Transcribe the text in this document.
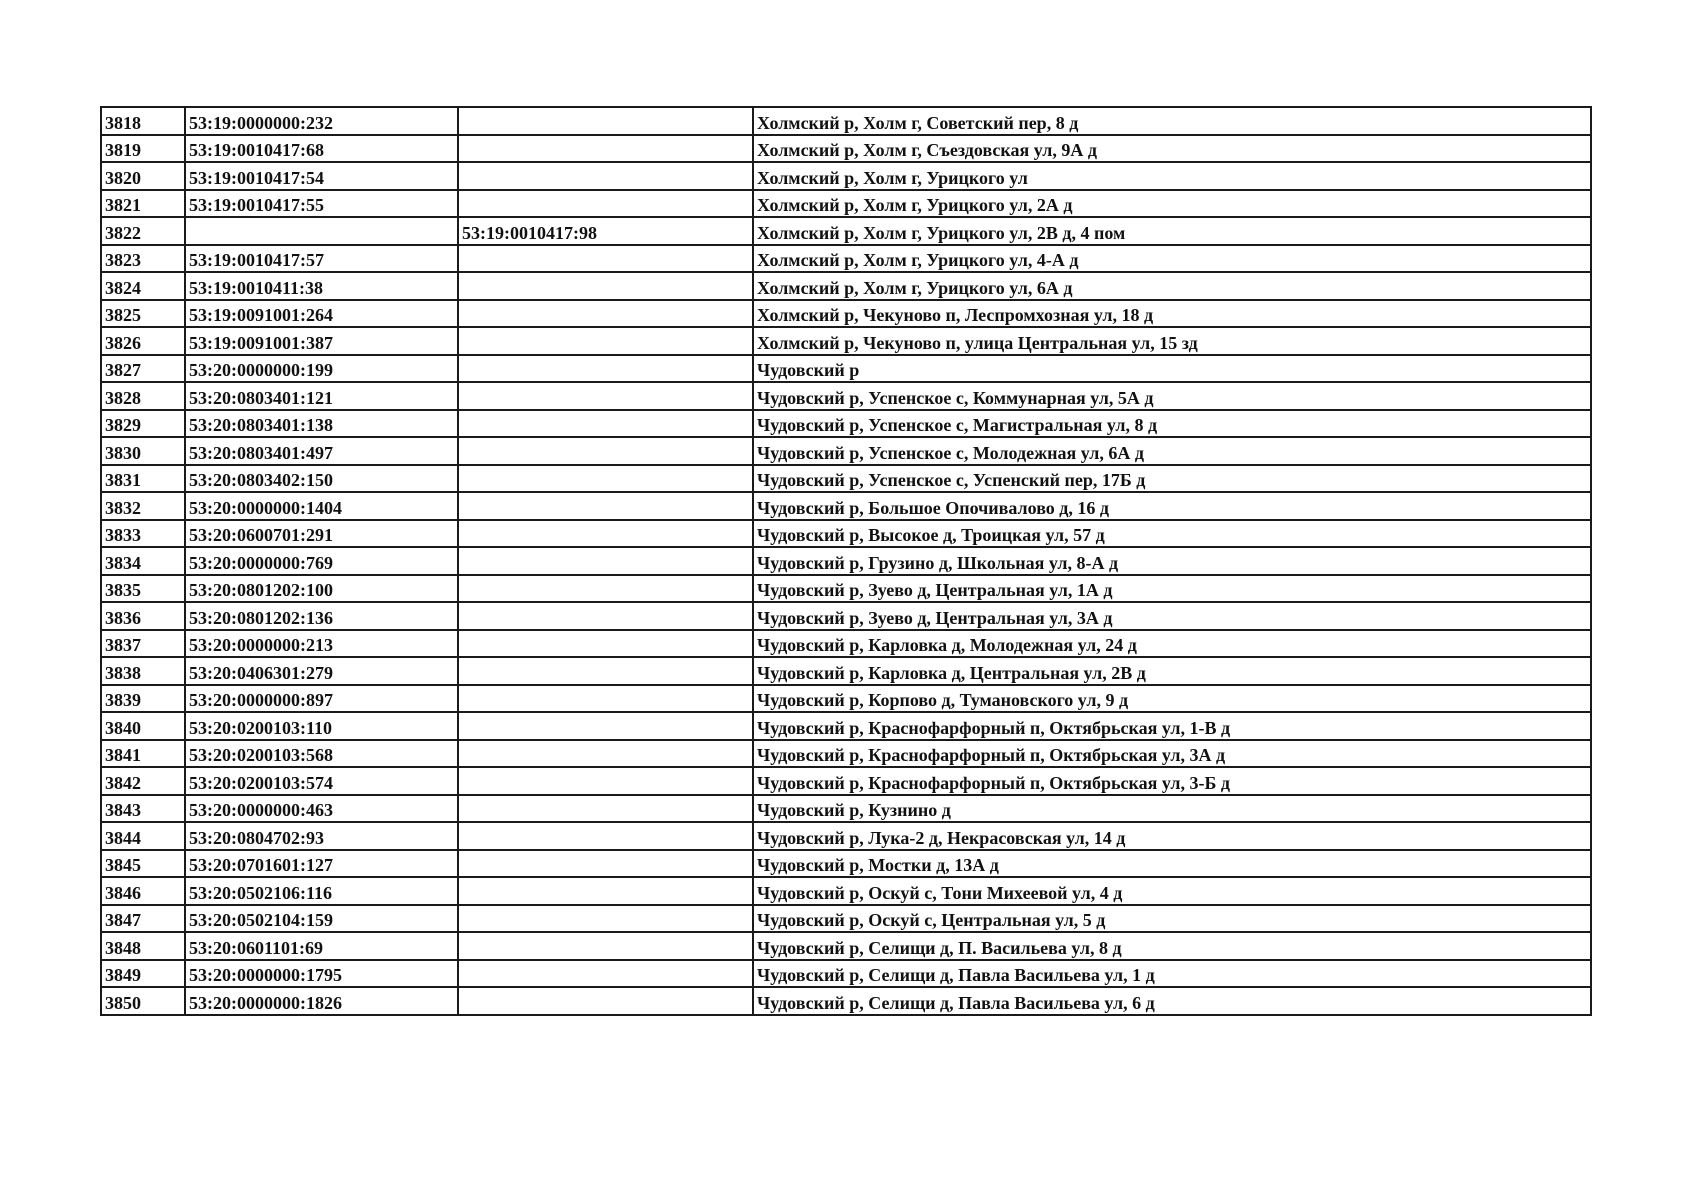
3818	53:19:0000000:232		Холмский р, Холм г, Советский пер, 8 д
3819	53:19:0010417:68		Холмский р, Холм г, Съездовская ул, 9А д
3820	53:19:0010417:54		Холмский р, Холм г, Урицкого ул
3821	53:19:0010417:55		Холмский р, Холм г, Урицкого ул, 2А д
3822		53:19:0010417:98	Холмский р, Холм г, Урицкого ул, 2В д, 4 пом
3823	53:19:0010417:57		Холмский р, Холм г, Урицкого ул, 4-А д
3824	53:19:0010411:38		Холмский р, Холм г, Урицкого ул, 6А д
3825	53:19:0091001:264		Холмский р, Чекуново п, Леспромхозная ул, 18 д
3826	53:19:0091001:387		Холмский р, Чекуново п, улица Центральная ул, 15 зд
3827	53:20:0000000:199		Чудовский р
3828	53:20:0803401:121		Чудовский р, Успенское с, Коммунарная ул, 5А д
3829	53:20:0803401:138		Чудовский р, Успенское с, Магистральная ул, 8 д
3830	53:20:0803401:497		Чудовский р, Успенское с, Молодежная ул, 6А д
3831	53:20:0803402:150		Чудовский р, Успенское с, Успенский пер, 17Б д
3832	53:20:0000000:1404		Чудовский р, Большое Опочивалово д, 16 д
3833	53:20:0600701:291		Чудовский р, Высокое д, Троицкая ул, 57 д
3834	53:20:0000000:769		Чудовский р, Грузино д, Школьная ул, 8-А д
3835	53:20:0801202:100		Чудовский р, Зуево д, Центральная ул, 1А д
3836	53:20:0801202:136		Чудовский р, Зуево д, Центральная ул, 3А д
3837	53:20:0000000:213		Чудовский р, Карловка д, Молодежная ул, 24 д
3838	53:20:0406301:279		Чудовский р, Карловка д, Центральная ул, 2В д
3839	53:20:0000000:897		Чудовский р, Корпово д, Тумановского ул, 9 д
3840	53:20:0200103:110		Чудовский р, Краснофарфорный п, Октябрьская ул, 1-В д
3841	53:20:0200103:568		Чудовский р, Краснофарфорный п, Октябрьская ул, 3А д
3842	53:20:0200103:574		Чудовский р, Краснофарфорный п, Октябрьская ул, 3-Б д
3843	53:20:0000000:463		Чудовский р, Кузнино д
3844	53:20:0804702:93		Чудовский р, Лука-2 д, Некрасовская ул, 14 д
3845	53:20:0701601:127		Чудовский р, Мостки д, 13А д
3846	53:20:0502106:116		Чудовский р, Оскуй с, Тони Михеевой ул, 4 д
3847	53:20:0502104:159		Чудовский р, Оскуй с, Центральная ул, 5 д
3848	53:20:0601101:69		Чудовский р, Селищи д, П. Васильева ул, 8 д
3849	53:20:0000000:1795		Чудовский р, Селищи д, Павла Васильева ул, 1 д
3850	53:20:0000000:1826		Чудовский р, Селищи д, Павла Васильева ул, 6 д
